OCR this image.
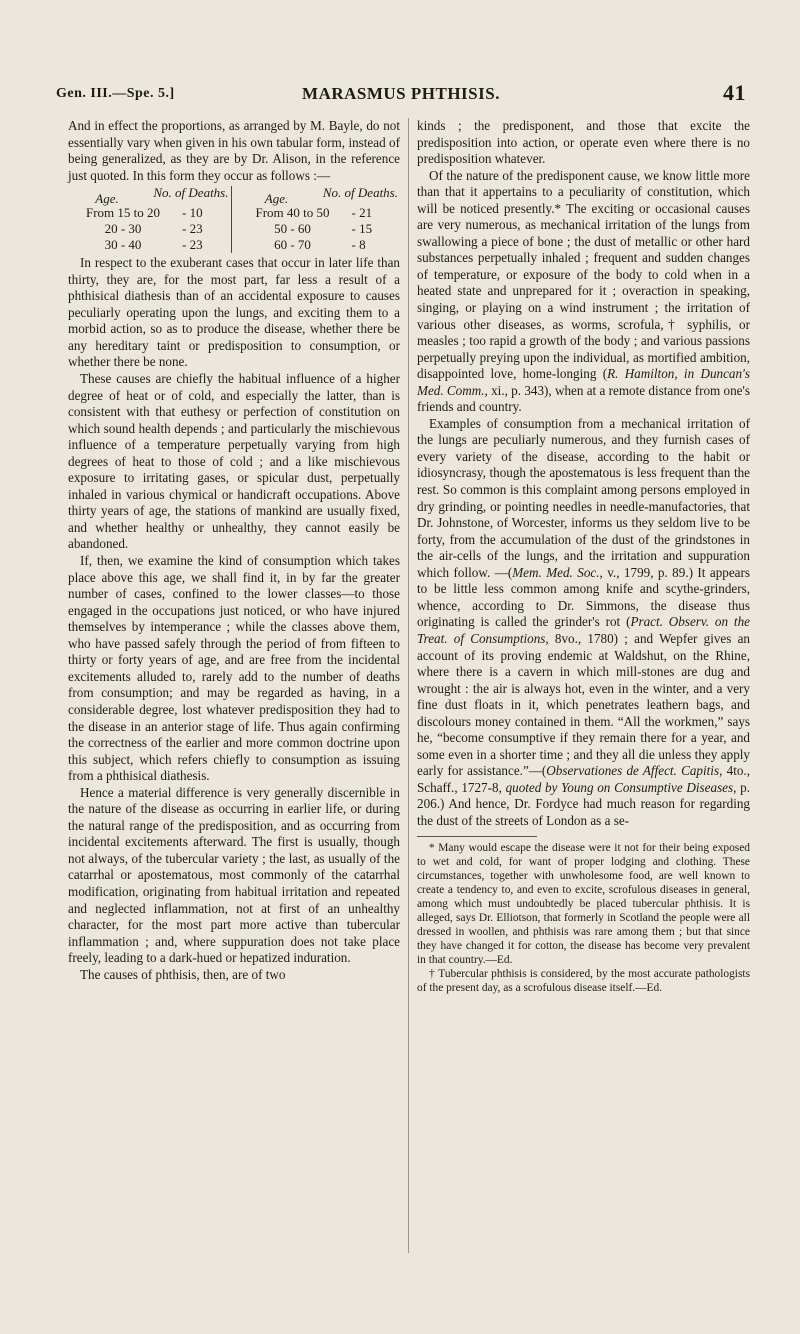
Gen. III.—Spe. 5.]	MARASMUS PHTHISIS.	41

And in effect the proportions, as arranged by M. Bayle, do not essentially vary when given in his own tabular form, instead of being generalized, as they are by Dr. Alison, in the reference just quoted. In this form they occur as follows :—

Age.	No. of Deaths.
From 15 to 20	- 10
20 - 30	- 23
30 - 40	- 23
Age.	No. of Deaths.
From 40 to 50	- 21
50 - 60	- 15
60 - 70	- 8

In respect to the exuberant cases that occur in later life than thirty, they are, for the most part, far less a result of a phthisical diathesis than of an accidental exposure to causes peculiarly operating upon the lungs, and exciting them to a morbid action, so as to produce the disease, whether there be any hereditary taint or predisposition to consumption, or whether there be none.

These causes are chiefly the habitual influence of a higher degree of heat or of cold, and especially the latter, than is consistent with that euthesy or perfection of constitution on which sound health depends ; and particularly the mischievous influence of a temperature perpetually varying from high degrees of heat to those of cold ; and a like mischievous exposure to irritating gases, or spicular dust, perpetually inhaled in various chymical or handicraft occupations. Above thirty years of age, the stations of mankind are usually fixed, and whether healthy or unhealthy, they cannot easily be abandoned.

If, then, we examine the kind of consumption which takes place above this age, we shall find it, in by far the greater number of cases, confined to the lower classes—to those engaged in the occupations just noticed, or who have injured themselves by intemperance ; while the classes above them, who have passed safely through the period of from fifteen to thirty or forty years of age, and are free from the incidental excitements alluded to, rarely add to the number of deaths from consumption; and may be regarded as having, in a considerable degree, lost whatever predisposition they had to the disease in an anterior stage of life. Thus again confirming the correctness of the earlier and more common doctrine upon this subject, which refers chiefly to consumption as issuing from a phthisical diathesis.

Hence a material difference is very generally discernible in the nature of the disease as occurring in earlier life, or during the natural range of the predisposition, and as occurring from incidental excitements afterward. The first is usually, though not always, of the tubercular variety ; the last, as usually of the catarrhal or apostematous, most commonly of the catarrhal modification, originating from habitual irritation and repeated and neglected inflammation, not at first of an unhealthy character, for the most part more active than tubercular inflammation ; and, where suppuration does not take place freely, leading to a dark-hued or hepatized induration.

The causes of phthisis, then, are of two

kinds ; the predisponent, and those that excite the predisposition into action, or operate even where there is no predisposition whatever.

Of the nature of the predisponent cause, we know little more than that it appertains to a peculiarity of constitution, which will be noticed presently.* The exciting or occasional causes are very numerous, as mechanical irritation of the lungs from swallowing a piece of bone ; the dust of metallic or other hard substances perpetually inhaled ; frequent and sudden changes of temperature, or exposure of the body to cold when in a heated state and unprepared for it ; overaction in speaking, singing, or playing on a wind instrument ; the irritation of various other diseases, as worms, scrofula,† syphilis, or measles ; too rapid a growth of the body ; and various passions perpetually preying upon the individual, as mortified ambition, disappointed love, home-longing (R. Hamilton, in Duncan's Med. Comm., xi., p. 343), when at a remote distance from one's friends and country.

Examples of consumption from a mechanical irritation of the lungs are peculiarly numerous, and they furnish cases of every variety of the disease, according to the habit or idiosyncrasy, though the apostematous is less frequent than the rest. So common is this complaint among persons employed in dry grinding, or pointing needles in needle-manufactories, that Dr. Johnstone, of Worcester, informs us they seldom live to be forty, from the accumulation of the dust of the grindstones in the air-cells of the lungs, and the irritation and suppuration which follow. —(Mem. Med. Soc., v., 1799, p. 89.) It appears to be little less common among knife and scythe-grinders, whence, according to Dr. Simmons, the disease thus originating is called the grinder's rot (Pract. Observ. on the Treat. of Consumptions, 8vo., 1780) ; and Wepfer gives an account of its proving endemic at Waldshut, on the Rhine, where there is a cavern in which mill-stones are dug and wrought : the air is always hot, even in the winter, and a very fine dust floats in it, which penetrates leathern bags, and discolours money contained in them. “All the workmen,” says he, “become consumptive if they remain there for a year, and some even in a shorter time ; and they all die unless they apply early for assistance.”—(Observationes de Affect. Capitis, 4to., Schaff., 1727-8, quoted by Young on Consumptive Diseases, p. 206.) And hence, Dr. Fordyce had much reason for regarding the dust of the streets of London as a se-

* Many would escape the disease were it not for their being exposed to wet and cold, for want of proper lodging and clothing. These circumstances, together with unwholesome food, are well known to create a tendency to, and even to excite, scrofulous diseases in general, among which must undoubtedly be placed tubercular phthisis. It is alleged, says Dr. Elliotson, that formerly in Scotland the people were all dressed in woollen, and phthisis was rare among them ; but that since they have changed it for cotton, the disease has become very prevalent in that country.—Ed.

† Tubercular phthisis is considered, by the most accurate pathologists of the present day, as a scrofulous disease itself.—Ed.
